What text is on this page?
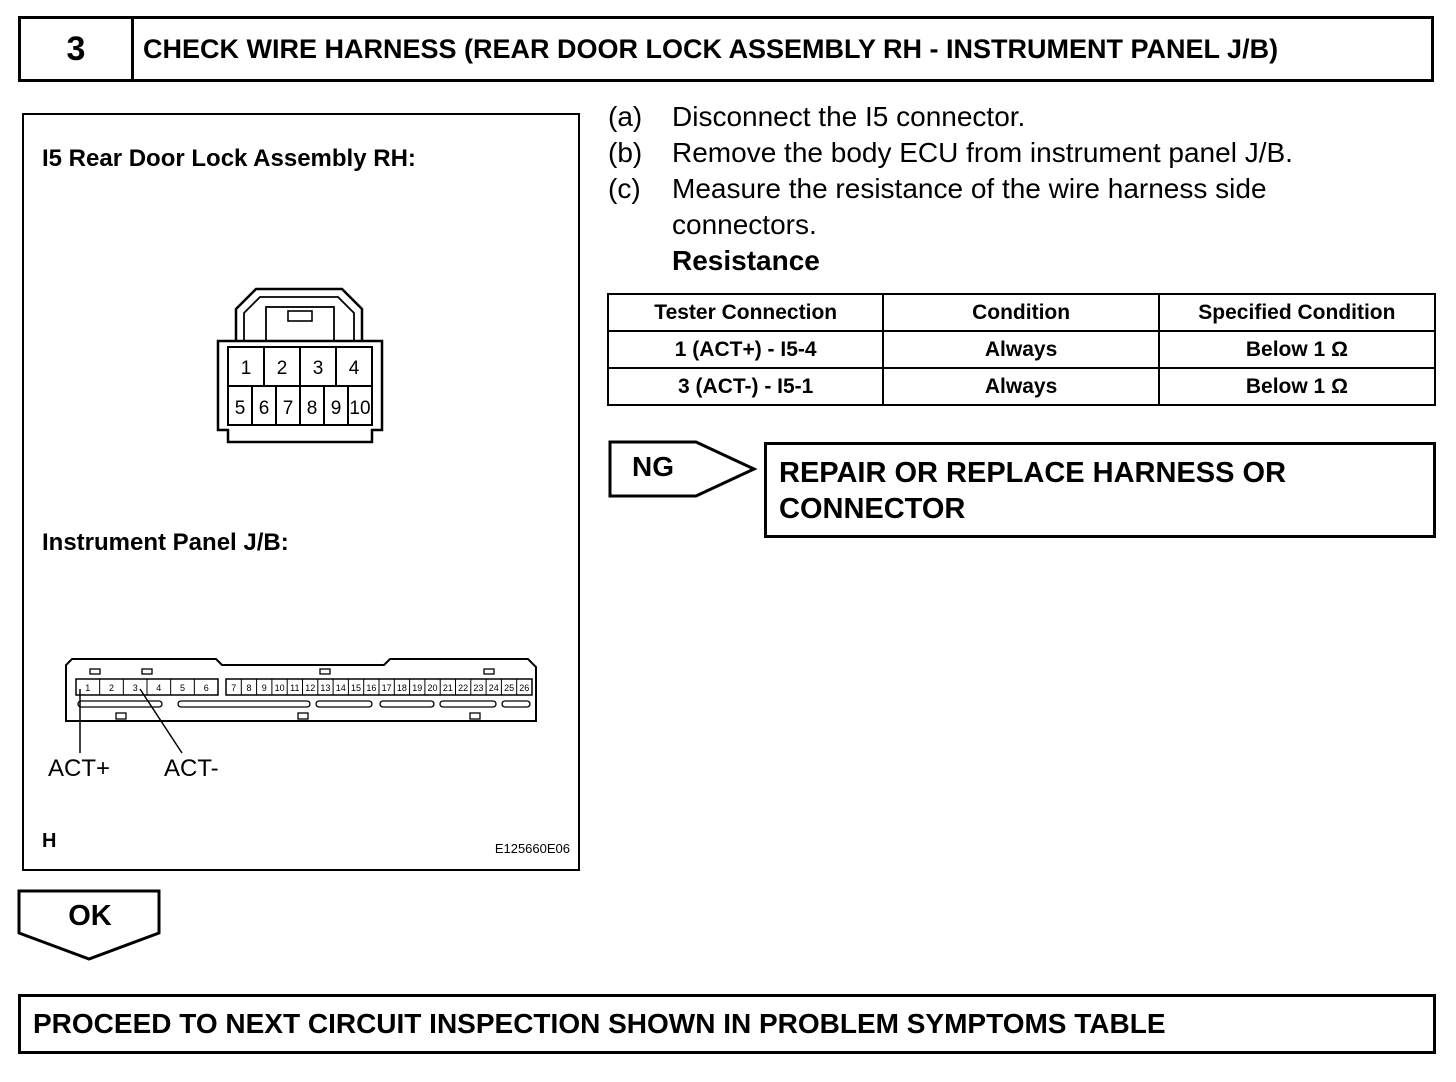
3	CHECK WIRE HARNESS (REAR DOOR LOCK ASSEMBLY RH - INSTRUMENT PANEL J/B)
I5 Rear Door Lock Assembly RH:
1 2 3 4
5 6 7 8 9 10
Instrument Panel J/B:
1 2 3 4 5 6 7 8 9 10 11 12 13 14 15 16 17 18 19 20 21 22 23 24 25 26
ACT+ ACT-
H	E125660E06
(a) Disconnect the I5 connector.
(b) Remove the body ECU from instrument panel J/B.
(c) Measure the resistance of the wire harness side
connectors.
Resistance
Tester Connection	Condition	Specified Condition
1 (ACT+) - I5-4	Always	Below 1 Ω
3 (ACT-) - I5-1	Always	Below 1 Ω
NG	REPAIR OR REPLACE HARNESS OR
CONNECTOR
OK
PROCEED TO NEXT CIRCUIT INSPECTION SHOWN IN PROBLEM SYMPTOMS TABLE
